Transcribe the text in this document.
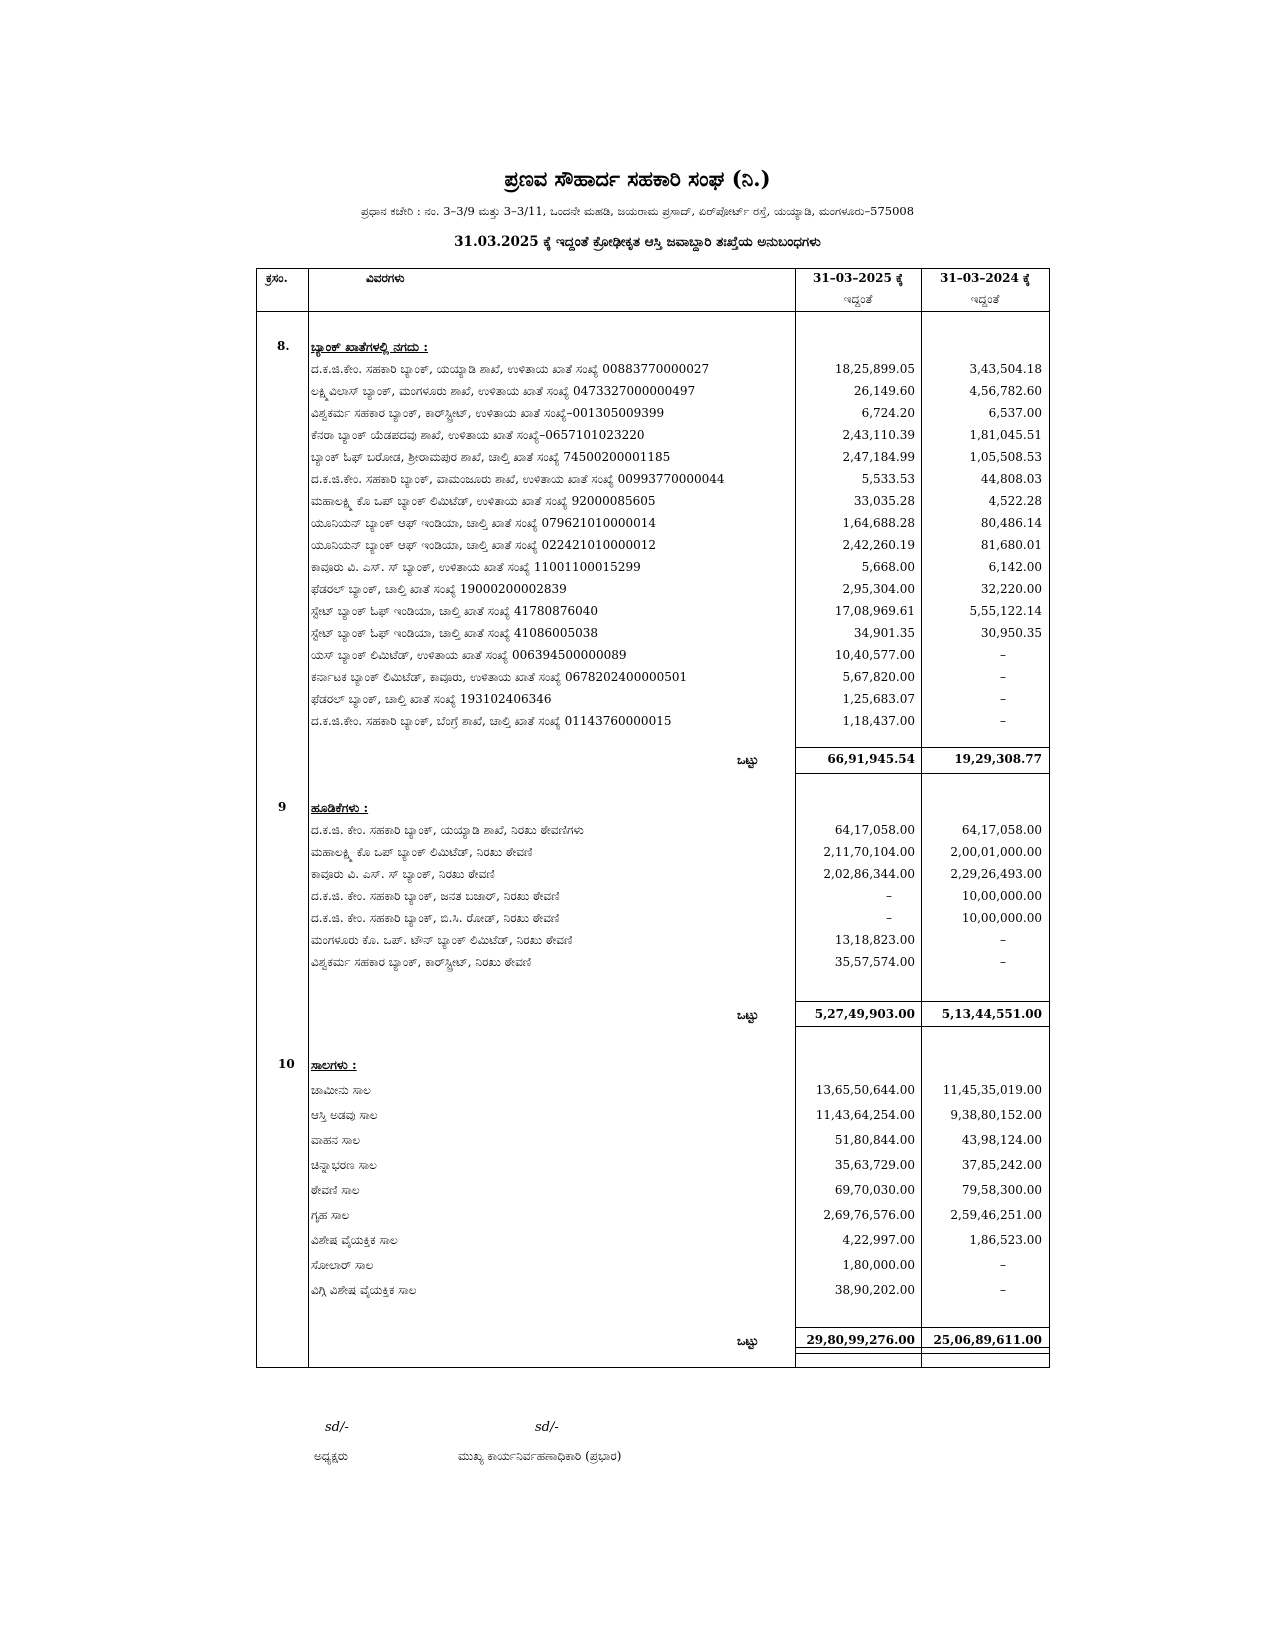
ಪ್ರಣವ ಸೌಹಾರ್ದ ಸಹಕಾರಿ ಸಂಘ (ನಿ.)
ಪ್ರಧಾನ ಕಚೇರಿ : ನಂ. 3–3/9 ಮತ್ತು 3–3/11, ಒಂದನೇ ಮಹಡಿ, ಜಯರಾಮ ಪ್ರಸಾದ್, ಏರ್‌ಪೋರ್ಟ್ ರಸ್ತೆ, ಯಯ್ಯಾಡಿ, ಮಂಗಳೂರು–575008
31.03.2025 ಕ್ಕೆ ಇದ್ದಂತೆ ಕ್ರೋಢೀಕೃತ ಆಸ್ತಿ ಜವಾಬ್ದಾರಿ ತಃಖ್ತೆಯ ಅನುಬಂಧಗಳು
ಕ್ರಸಂ.	ವಿವರಗಳು	31–03–2025 ಕ್ಕೆ	31–03–2024 ಕ್ಕೆ
ಇದ್ದಂತೆ	ಇದ್ದಂತೆ
8. ಬ್ಯಾಂಕ್ ಖಾತೆಗಳಲ್ಲಿ ನಗದು :
ದ.ಕ.ಜಿ.ಕೇಂ. ಸಹಕಾರಿ ಬ್ಯಾಂಕ್, ಯಯ್ಯಾಡಿ ಶಾಖೆ, ಉಳಿತಾಯ ಖಾತೆ ಸಂಖ್ಯೆ 00883770000027	18,25,899.05	3,43,504.18
ಲಕ್ಷ್ಮಿವಿಲಾಸ್ ಬ್ಯಾಂಕ್, ಮಂಗಳೂರು ಶಾಖೆ, ಉಳಿತಾಯ ಖಾತೆ ಸಂಖ್ಯೆ 0473327000000497	26,149.60	4,56,782.60
ವಿಶ್ವಕರ್ಮ ಸಹಕಾರ ಬ್ಯಾಂಕ್, ಕಾರ್‌ಸ್ಟ್ರೀಟ್, ಉಳಿತಾಯ ಖಾತೆ ಸಂಖ್ಯೆ–001305009399	6,724.20	6,537.00
ಕೆನರಾ ಬ್ಯಾಂಕ್ ಯೆಡಪದವು ಶಾಖೆ, ಉಳಿತಾಯ ಖಾತೆ ಸಂಖ್ಯೆ–0657101023220	2,43,110.39	1,81,045.51
ಬ್ಯಾಂಕ್ ಓಫ್ ಬರೋಡ, ಶ್ರೀರಾಮಪುರ ಶಾಖೆ, ಚಾಲ್ತಿ ಖಾತೆ ಸಂಖ್ಯೆ 74500200001185	2,47,184.99	1,05,508.53
ದ.ಕ.ಜಿ.ಕೇಂ. ಸಹಕಾರಿ ಬ್ಯಾಂಕ್, ವಾಮಂಜೂರು ಶಾಖೆ, ಉಳಿತಾಯ ಖಾತೆ ಸಂಖ್ಯೆ 00993770000044	5,533.53	44,808.03
ಮಹಾಲಕ್ಷ್ಮಿ ಕೊ ಒಪ್ ಬ್ಯಾಂಕ್ ಲಿಮಿಟೆಡ್, ಉಳಿತಾಯ ಖಾತೆ ಸಂಖ್ಯೆ 92000085605	33,035.28	4,522.28
ಯೂನಿಯನ್ ಬ್ಯಾಂಕ್ ಆಫ್ ಇಂಡಿಯಾ, ಚಾಲ್ತಿ ಖಾತೆ ಸಂಖ್ಯೆ 079621010000014	1,64,688.28	80,486.14
ಯೂನಿಯನ್ ಬ್ಯಾಂಕ್ ಆಫ್ ಇಂಡಿಯಾ, ಚಾಲ್ತಿ ಖಾತೆ ಸಂಖ್ಯೆ 022421010000012	2,42,260.19	81,680.01
ಕಾವೂರು ವಿ. ಎಸ್. ಸ್ ಬ್ಯಾಂಕ್, ಉಳಿತಾಯ ಖಾತೆ ಸಂಖ್ಯೆ 11001100015299	5,668.00	6,142.00
ಫೆಡರಲ್ ಬ್ಯಾಂಕ್, ಚಾಲ್ತಿ ಖಾತೆ ಸಂಖ್ಯೆ 19000200002839	2,95,304.00	32,220.00
ಸ್ಟೇಟ್ ಬ್ಯಾಂಕ್ ಓಫ್ ಇಂಡಿಯಾ, ಚಾಲ್ತಿ ಖಾತೆ ಸಂಖ್ಯೆ 41780876040	17,08,969.61	5,55,122.14
ಸ್ಟೇಟ್ ಬ್ಯಾಂಕ್ ಓಫ್ ಇಂಡಿಯಾ, ಚಾಲ್ತಿ ಖಾತೆ ಸಂಖ್ಯೆ 41086005038	34,901.35	30,950.35
ಯಸ್ ಬ್ಯಾಂಕ್ ಲಿಮಿಟೆಡ್, ಉಳಿತಾಯ ಖಾತೆ ಸಂಖ್ಯೆ 006394500000089	10,40,577.00	–
ಕರ್ನಾಟಕ ಬ್ಯಾಂಕ್ ಲಿಮಿಟೆಡ್, ಕಾವೂರು, ಉಳಿತಾಯ ಖಾತೆ ಸಂಖ್ಯೆ 0678202400000501	5,67,820.00	–
ಫೆಡರಲ್ ಬ್ಯಾಂಕ್, ಚಾಲ್ತಿ ಖಾತೆ ಸಂಖ್ಯೆ 193102406346	1,25,683.07	–
ದ.ಕ.ಜಿ.ಕೇಂ. ಸಹಕಾರಿ ಬ್ಯಾಂಕ್, ಬೆಂಗ್ರೆ ಶಾಖೆ, ಚಾಲ್ತಿ ಖಾತೆ ಸಂಖ್ಯೆ 01143760000015	1,18,437.00	–
ಒಟ್ಟು	66,91,945.54	19,29,308.77
9 ಹೂಡಿಕೆಗಳು :
ದ.ಕ.ಜಿ. ಕೇಂ. ಸಹಕಾರಿ ಬ್ಯಾಂಕ್, ಯಯ್ಯಾಡಿ ಶಾಖೆ, ನಿರಖು ಠೇವಣಿಗಳು	64,17,058.00	64,17,058.00
ಮಹಾಲಕ್ಷ್ಮಿ ಕೊ ಒಪ್ ಬ್ಯಾಂಕ್ ಲಿಮಿಟೆಡ್, ನಿರಖು ಠೇವಣಿ	2,11,70,104.00	2,00,01,000.00
ಕಾವೂರು ವಿ. ಎಸ್. ಸ್ ಬ್ಯಾಂಕ್, ನಿರಖು ಠೇವಣಿ	2,02,86,344.00	2,29,26,493.00
ದ.ಕ.ಜಿ. ಕೇಂ. ಸಹಕಾರಿ ಬ್ಯಾಂಕ್, ಜನತ ಬಜಾರ್, ನಿರಖು ಠೇವಣಿ	–	10,00,000.00
ದ.ಕ.ಜಿ. ಕೇಂ. ಸಹಕಾರಿ ಬ್ಯಾಂಕ್, ಬಿ.ಸಿ. ರೋಡ್, ನಿರಖು ಠೇವಣಿ	–	10,00,000.00
ಮಂಗಳೂರು ಕೊ. ಒಪ್. ಟೌನ್ ಬ್ಯಾಂಕ್ ಲಿಮಿಟೆಡ್, ನಿರಖು ಠೇವಣಿ	13,18,823.00	–
ವಿಶ್ವಕರ್ಮ ಸಹಕಾರ ಬ್ಯಾಂಕ್, ಕಾರ್‌ಸ್ಟ್ರೀಟ್, ನಿರಖು ಠೇವಣಿ	35,57,574.00	–
ಒಟ್ಟು	5,27,49,903.00	5,13,44,551.00
10 ಸಾಲಗಳು :
ಜಾಮೀನು ಸಾಲ	13,65,50,644.00	11,45,35,019.00
ಆಸ್ತಿ ಅಡವು ಸಾಲ	11,43,64,254.00	9,38,80,152.00
ವಾಹನ ಸಾಲ	51,80,844.00	43,98,124.00
ಚಿನ್ನಾಭರಣ ಸಾಲ	35,63,729.00	37,85,242.00
ಠೇವಣಿ ಸಾಲ	69,70,030.00	79,58,300.00
ಗೃಹ ಸಾಲ	2,69,76,576.00	2,59,46,251.00
ವಿಶೇಷ ವೈಯಕ್ತಿಕ ಸಾಲ	4,22,997.00	1,86,523.00
ಸೋಲಾರ್ ಸಾಲ	1,80,000.00	–
ವಿಗ್ಗಿ ವಿಶೇಷ ವೈಯಕ್ತಿಕ ಸಾಲ	38,90,202.00	–
ಒಟ್ಟು	29,80,99,276.00	25,06,89,611.00
sd/-	sd/-
ಅಧ್ಯಕ್ಷರು	ಮುಖ್ಯ ಕಾರ್ಯನಿರ್ವಹಣಾಧಿಕಾರಿ (ಪ್ರಭಾರ)
